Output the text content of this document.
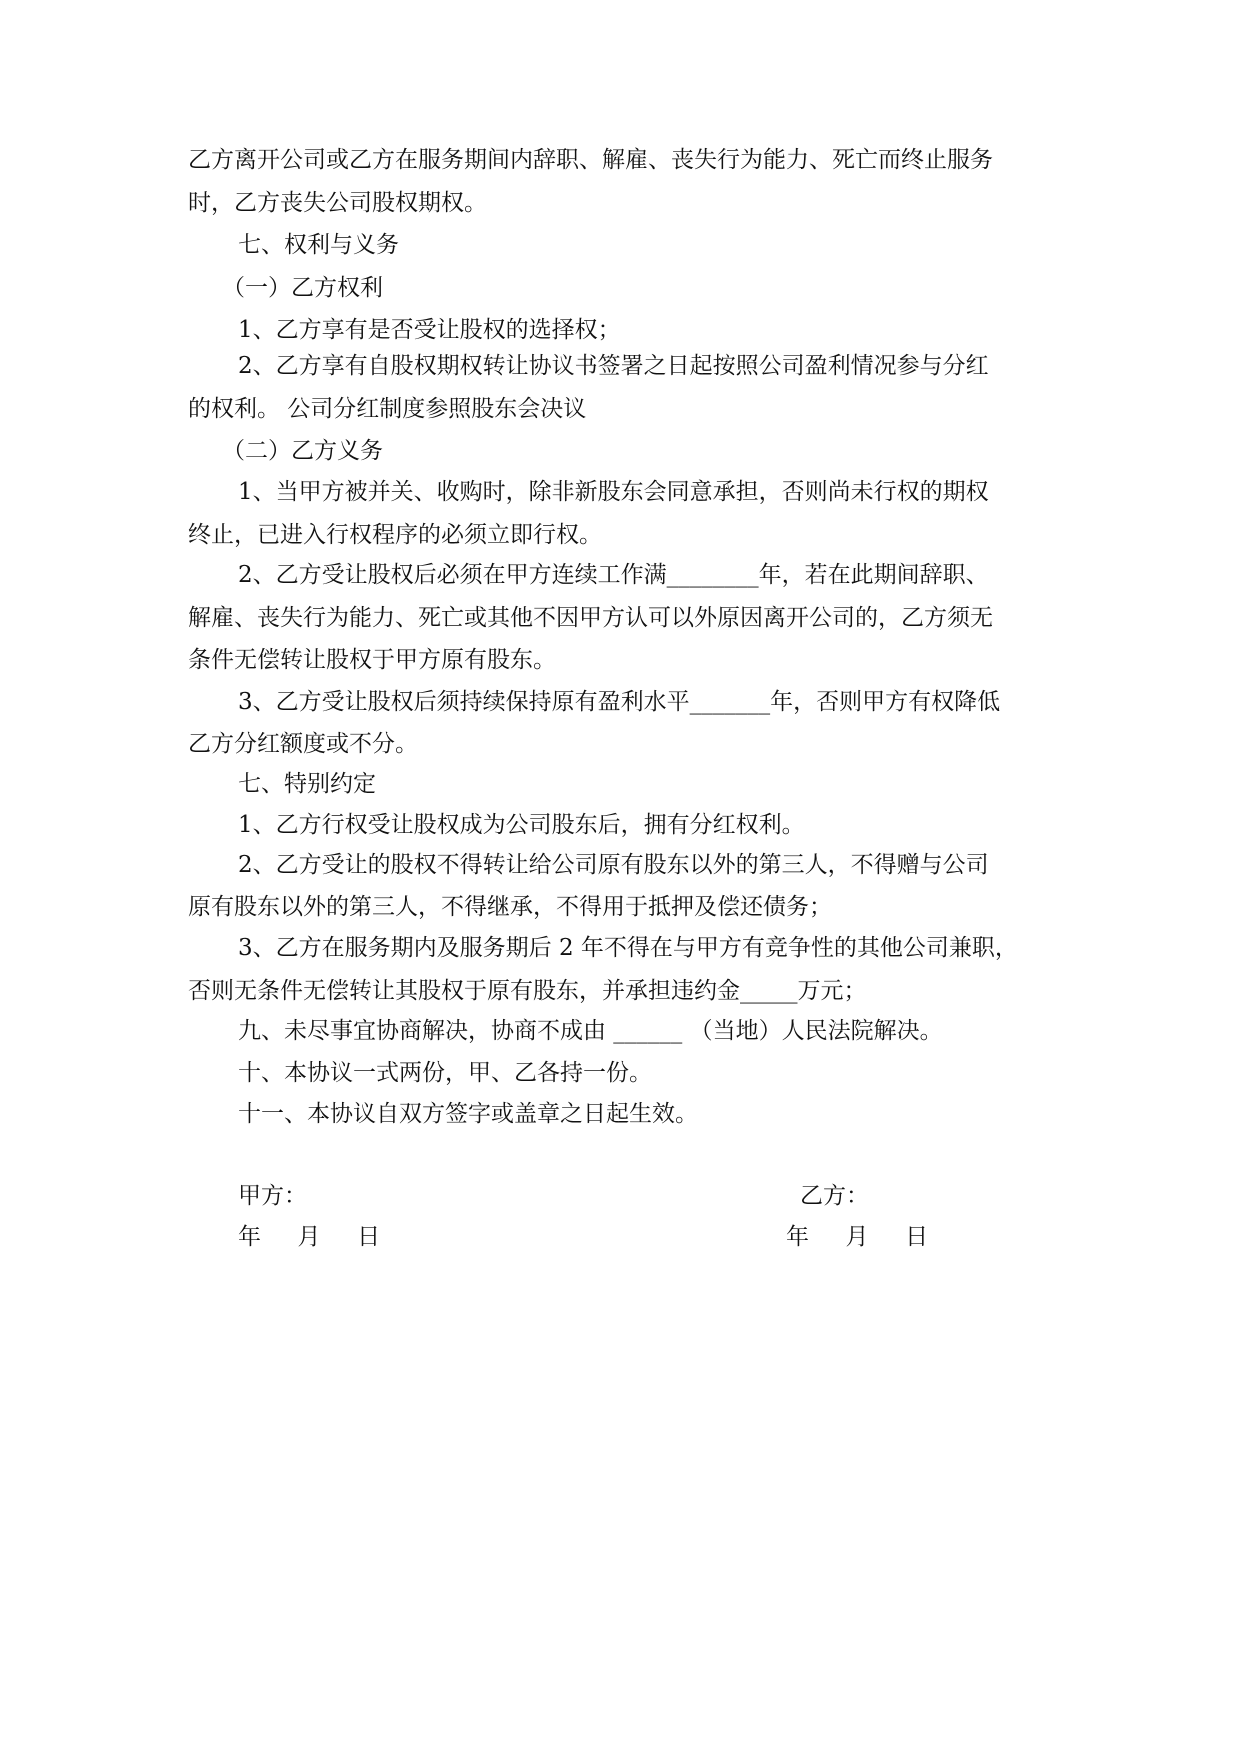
乙方离开公司或乙方在服务期间内辞职、解雇、丧失行为能力、死亡而终止服务
时，乙方丧失公司股权期权。
七、权利与义务
（一）乙方权利
1、乙方享有是否受让股权的选择权；
2、乙方享有自股权期权转让协议书签署之日起按照公司盈利情况参与分红
的权利。 公司分红制度参照股东会决议
（二）乙方义务
1、当甲方被并关、收购时，除非新股东会同意承担，否则尚未行权的期权
终止，已进入行权程序的必须立即行权。
2、乙方受让股权后必须在甲方连续工作满________年，若在此期间辞职、
解雇、丧失行为能力、死亡或其他不因甲方认可以外原因离开公司的，乙方须无
条件无偿转让股权于甲方原有股东。
3、乙方受让股权后须持续保持原有盈利水平_______年，否则甲方有权降低
乙方分红额度或不分。
七、特别约定
1、乙方行权受让股权成为公司股东后，拥有分红权利。
2、乙方受让的股权不得转让给公司原有股东以外的第三人，不得赠与公司
原有股东以外的第三人，不得继承，不得用于抵押及偿还债务；
3、乙方在服务期内及服务期后 2 年不得在与甲方有竞争性的其他公司兼职，
否则无条件无偿转让其股权于原有股东，并承担违约金_____万元；
九、未尽事宜协商解决，协商不成由 ______ （当地）人民法院解决。
十、本协议一式两份，甲、乙各持一份。
十一、本协议自双方签字或盖章之日起生效。
甲方：	乙方：
年     月     日	年     月     日
